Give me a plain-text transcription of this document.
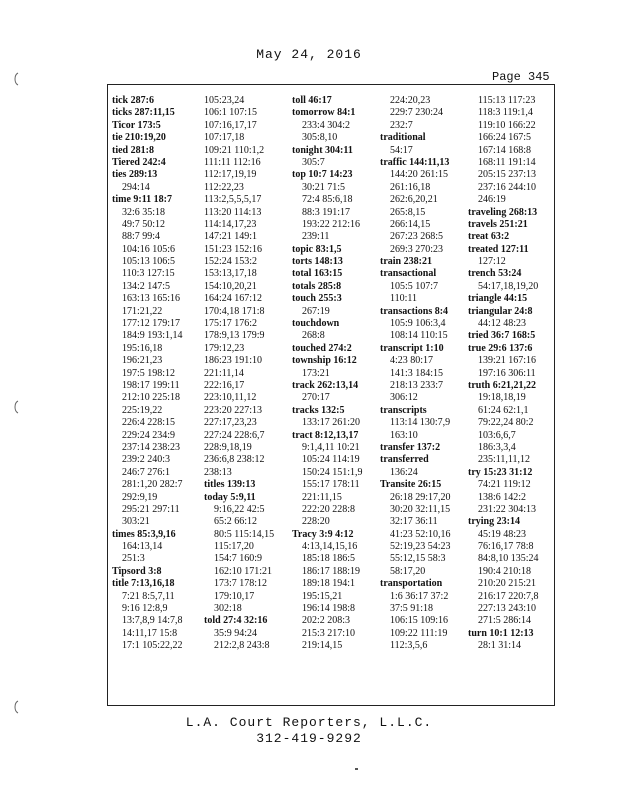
May 24, 2016
Page 345
tick 287:6
ticks 287:11,15
Ticor 173:5
tie 210:19,20
tied 281:8
Tiered 242:4
ties 289:13
294:14
time 9:11 18:7
32:6 35:18
49:7 50:12
88:7 99:4
104:16 105:6
105:13 106:5
110:3 127:15
134:2 147:5
163:13 165:16
171:21,22
177:12 179:17
184:9 193:1,14
195:16,18
196:21,23
197:5 198:12
198:17 199:11
212:10 225:18
225:19,22
226:4 228:15
229:24 234:9
237:14 238:23
239:2 240:3
246:7 276:1
281:1,20 282:7
292:9,19
295:21 297:11
303:21
times 85:3,9,16
164:13,14
251:3
Tipsord 3:8
title 7:13,16,18
7:21 8:5,7,11
9:16 12:8,9
13:7,8,9 14:7,8
14:11,17 15:8
17:1 105:22,22
105:23,24
106:1 107:15
107:16,17,17
107:17,18
109:21 110:1,2
111:11 112:16
112:17,19,19
112:22,23
113:2,5,5,5,17
113:20 114:13
114:14,17,23
147:21 149:1
151:23 152:16
152:24 153:2
153:13,17,18
154:10,20,21
164:24 167:12
170:4,18 171:8
175:17 176:2
178:9,13 179:9
179:12,23
186:23 191:10
221:11,14
222:16,17
223:10,11,12
223:20 227:13
227:17,23,23
227:24 228:6,7
228:9,18,19
236:6,8 238:12
238:13
titles 139:13
today 5:9,11
9:16,22 42:5
65:2 66:12
80:5 115:14,15
115:17,20
154:7 160:9
162:10 171:21
173:7 178:12
179:10,17
302:18
told 27:4 32:16
35:9 94:24
212:2,8 243:8
toll 46:17
tomorrow 84:1
233:4 304:2
305:8,10
tonight 304:11
305:7
top 10:7 14:23
30:21 71:5
72:4 85:6,18
88:3 191:17
193:22 212:16
239:11
topic 83:1,5
torts 148:13
total 163:15
totals 285:8
touch 255:3
267:19
touchdown
268:8
touched 274:2
township 16:12
173:21
track 262:13,14
270:17
tracks 132:5
133:17 261:20
tract 8:12,13,17
9:1,4,11 10:21
105:24 114:19
150:24 151:1,9
155:17 178:11
221:11,15
222:20 228:8
228:20
Tracy 3:9 4:12
4:13,14,15,16
185:18 186:5
186:17 188:19
189:18 194:1
195:15,21
196:14 198:8
202:2 208:3
215:3 217:10
219:14,15
224:20,23
229:7 230:24
232:7
traditional
54:17
traffic 144:11,13
144:20 261:15
261:16,18
262:6,20,21
265:8,15
266:14,15
267:23 268:5
269:3 270:23
train 238:21
transactional
105:5 107:7
110:11
transactions 8:4
105:9 106:3,4
108:14 110:15
transcript 1:10
4:23 80:17
141:3 184:15
218:13 233:7
306:12
transcripts
113:14 130:7,9
163:10
transfer 137:2
transferred
136:24
Transite 26:15
26:18 29:17,20
30:20 32:11,15
32:17 36:11
41:23 52:10,16
52:19,23 54:23
55:12,15 58:3
58:17,20
transportation
1:6 36:17 37:2
37:5 91:18
106:15 109:16
109:22 111:19
112:3,5,6
115:13 117:23
118:3 119:1,4
119:10 166:22
166:24 167:5
167:14 168:8
168:11 191:14
205:15 237:13
237:16 244:10
246:19
traveling 268:13
travels 251:21
treat 63:2
treated 127:11
127:12
trench 53:24
54:17,18,19,20
triangle 44:15
triangular 24:8
44:12 48:23
tried 36:7 168:5
true 29:6 137:6
139:21 167:16
197:16 306:11
truth 6:21,21,22
19:18,18,19
61:24 62:1,1
79:22,24 80:2
103:6,6,7
186:3,3,4
235:11,11,12
try 15:23 31:12
74:21 119:12
138:6 142:2
231:22 304:13
trying 23:14
45:19 48:23
76:16,17 78:8
84:8,10 135:24
190:4 210:18
210:20 215:21
216:17 220:7,8
227:13 243:10
271:5 286:14
turn 10:1 12:13
28:1 31:14
L.A. Court Reporters, L.L.C.
312-419-9292
